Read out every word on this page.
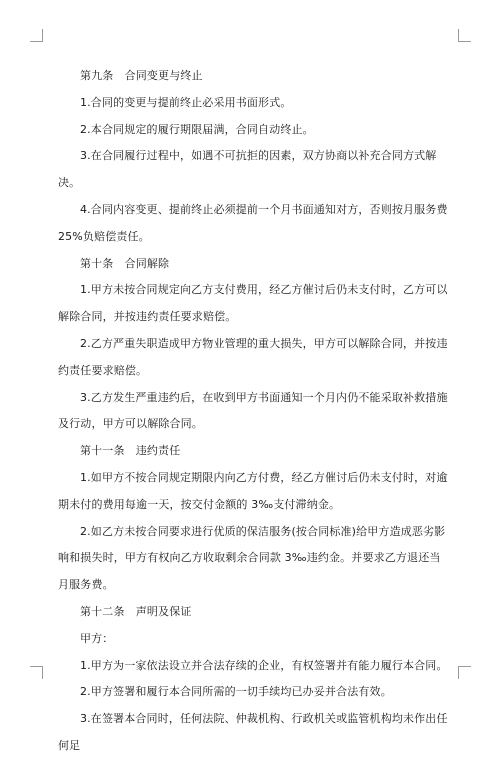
第九条　合同变更与终止

1.合同的变更与提前终止必采用书面形式。

2.本合同规定的履行期限届满，合同自动终止。

3.在合同履行过程中，如遇不可抗拒的因素，双方协商以补充合同方式解决。

4.合同内容变更、提前终止必须提前一个月书面通知对方，否则按月服务费 25%负赔偿责任。

第十条　合同解除

1.甲方未按合同规定向乙方支付费用，经乙方催讨后仍未支付时，乙方可以解除合同，并按违约责任要求赔偿。

2.乙方严重失职造成甲方物业管理的重大损失，甲方可以解除合同，并按违约责任要求赔偿。

3.乙方发生严重违约后，在收到甲方书面通知一个月内仍不能采取补救措施及行动，甲方可以解除合同。

第十一条　违约责任

1.如甲方不按合同规定期限内向乙方付费，经乙方催讨后仍未支付时，对逾期未付的费用每逾一天，按交付金额的 3‰支付滞纳金。

2.如乙方未按合同要求进行优质的保洁服务(按合同标准)给甲方造成恶劣影响和损失时，甲方有权向乙方收取剩余合同款 3‰违约金。并要求乙方退还当月服务费。

第十二条　声明及保证

甲方：

1.甲方为一家依法设立并合法存续的企业，有权签署并有能力履行本合同。

2.甲方签署和履行本合同所需的一切手续均已办妥并合法有效。

3.在签署本合同时，任何法院、仲裁机构、行政机关或监管机构均未作出任何足
